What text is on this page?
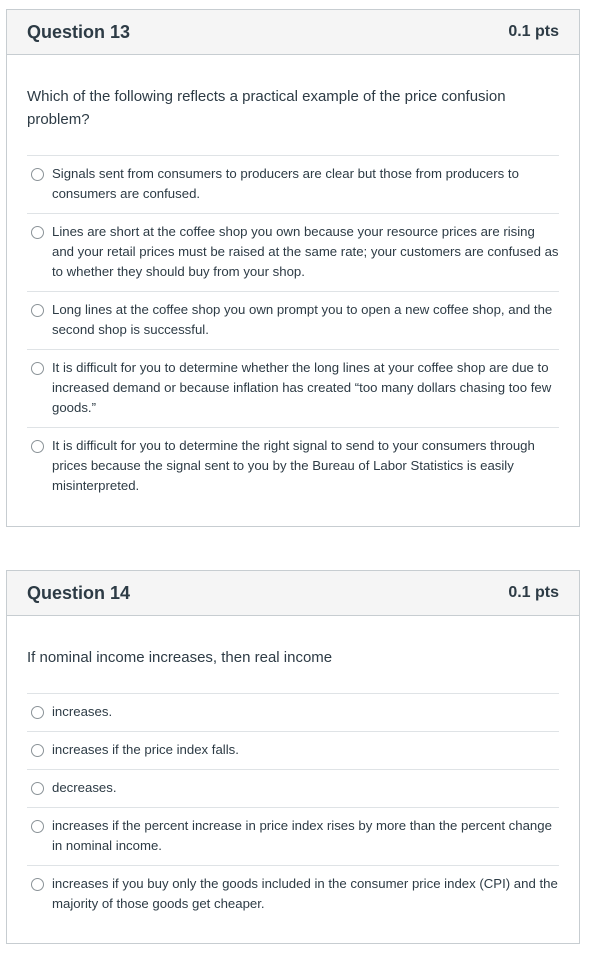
Question 13	0.1 pts
Which of the following reflects a practical example of the price confusion problem?
Signals sent from consumers to producers are clear but those from producers to consumers are confused.
Lines are short at the coffee shop you own because your resource prices are rising and your retail prices must be raised at the same rate; your customers are confused as to whether they should buy from your shop.
Long lines at the coffee shop you own prompt you to open a new coffee shop, and the second shop is successful.
It is difficult for you to determine whether the long lines at your coffee shop are due to increased demand or because inflation has created “too many dollars chasing too few goods.”
It is difficult for you to determine the right signal to send to your consumers through prices because the signal sent to you by the Bureau of Labor Statistics is easily misinterpreted.
Question 14	0.1 pts
If nominal income increases, then real income
increases.
increases if the price index falls.
decreases.
increases if the percent increase in price index rises by more than the percent change in nominal income.
increases if you buy only the goods included in the consumer price index (CPI) and the majority of those goods get cheaper.
